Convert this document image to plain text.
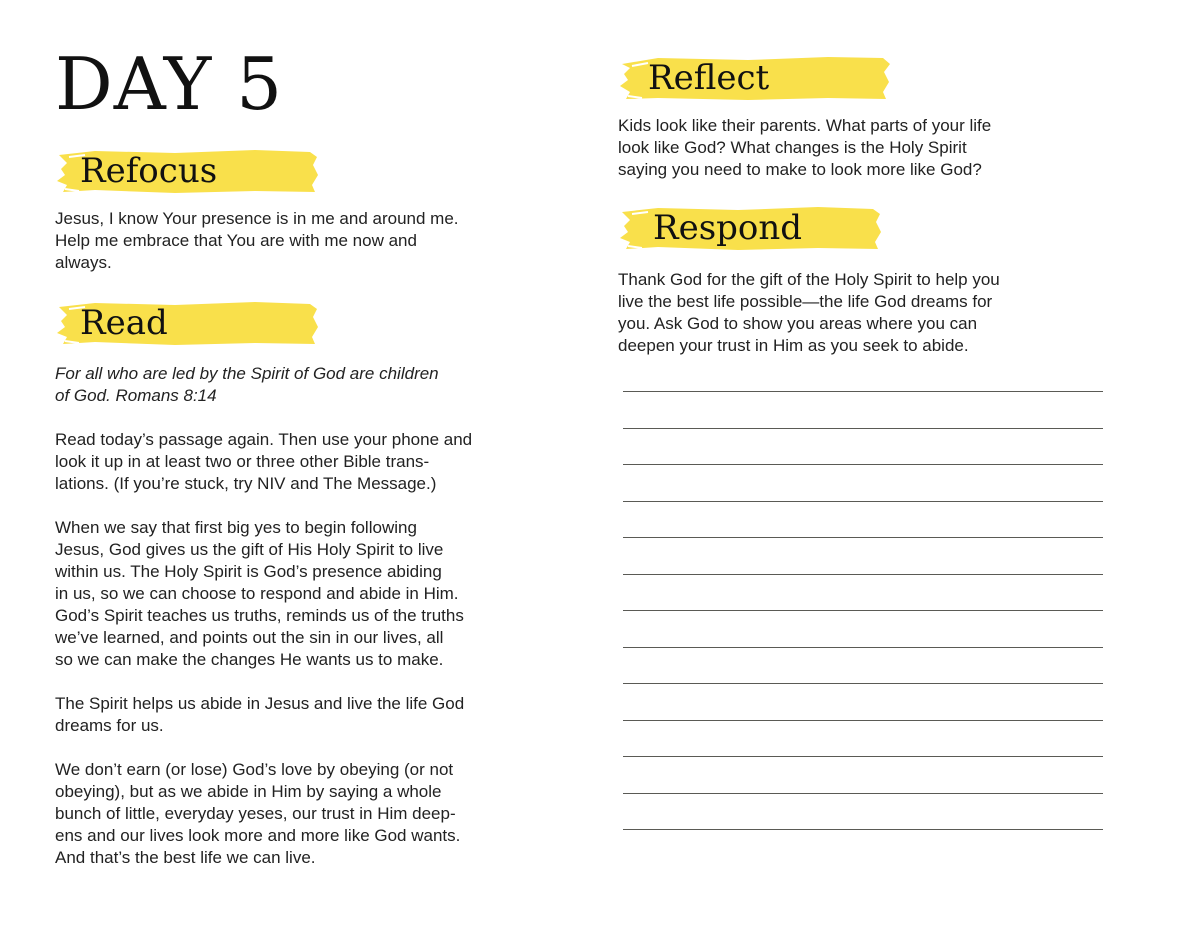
DAY 5
Refocus
Jesus, I know Your presence is in me and around me.
Help me embrace that You are with me now and
always.
Read
For all who are led by the Spirit of God are children
of God. Romans 8:14
Read today’s passage again. Then use your phone and
look it up in at least two or three other Bible trans-
lations. (If you’re stuck, try NIV and The Message.)
When we say that first big yes to begin following
Jesus, God gives us the gift of His Holy Spirit to live
within us. The Holy Spirit is God’s presence abiding
in us, so we can choose to respond and abide in Him.
God’s Spirit teaches us truths, reminds us of the truths
we’ve learned, and points out the sin in our lives, all
so we can make the changes He wants us to make.
The Spirit helps us abide in Jesus and live the life God
dreams for us.
We don’t earn (or lose) God’s love by obeying (or not
obeying), but as we abide in Him by saying a whole
bunch of little, everyday yeses, our trust in Him deep-
ens and our lives look more and more like God wants.
And that’s the best life we can live.
Reflect
Kids look like their parents. What parts of your life
look like God? What changes is the Holy Spirit
saying you need to make to look more like God?
Respond
Thank God for the gift of the Holy Spirit to help you
live the best life possible—the life God dreams for
you. Ask God to show you areas where you can
deepen your trust in Him as you seek to abide.
